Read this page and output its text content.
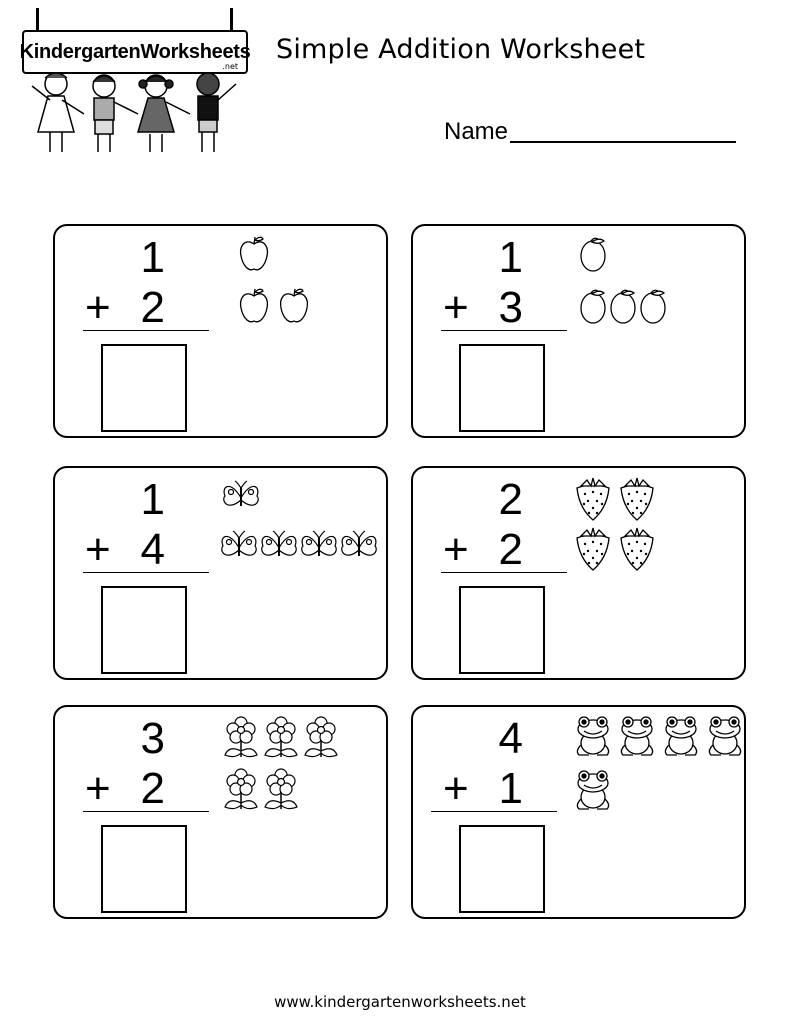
KindergartenWorksheets
.net
Simple Addition Worksheet
Name
1
+ 2
1
+ 3
1
+ 4
2
+ 2
3
+ 2
4
+ 1
www.kindergartenworksheets.net
